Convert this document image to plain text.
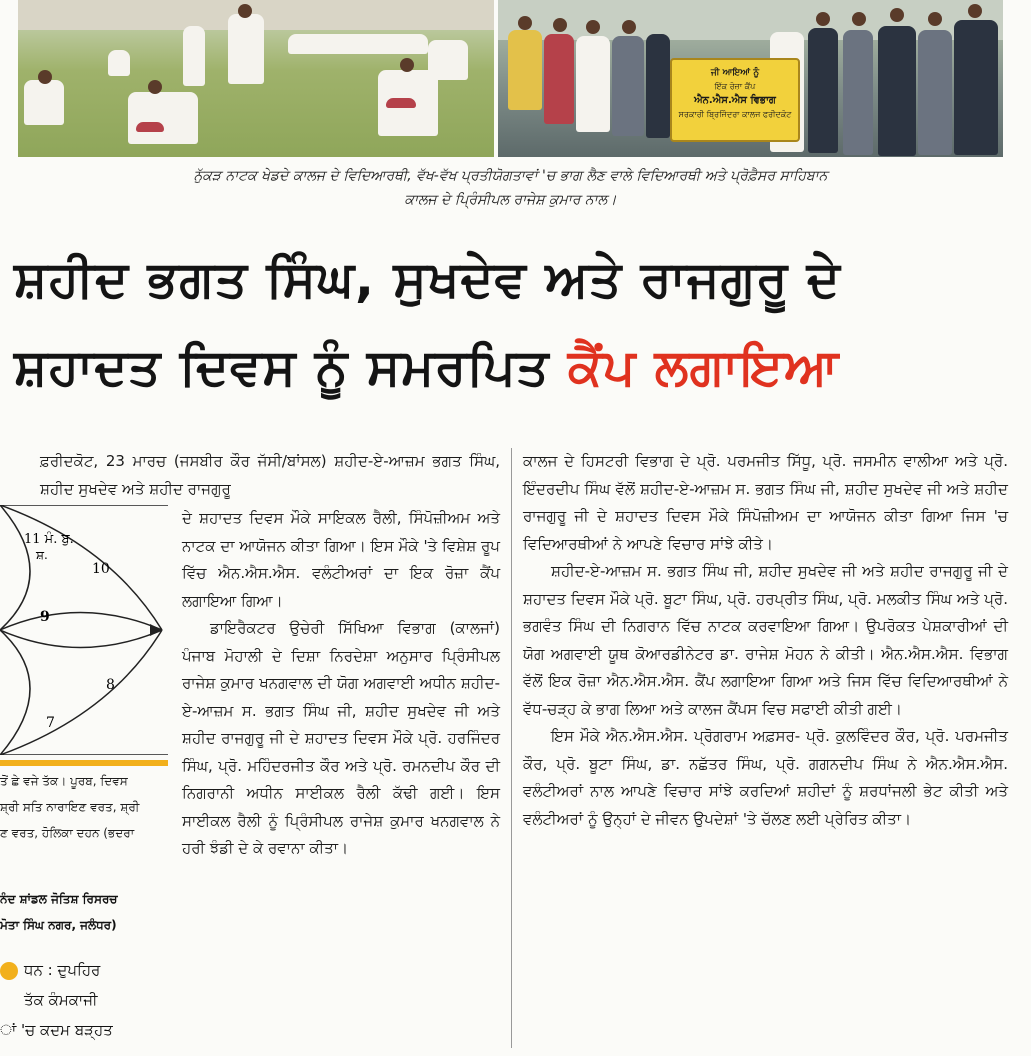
ਜੀ ਆਇਆਂ ਨੂੰ
ਇੱਕ ਰੋਜ਼ਾ ਕੈਂਪ
ਐਨ.ਐਸ.ਐਸ ਵਿਭਾਗ
ਸਰਕਾਰੀ ਬ੍ਰਿਜਿੰਦਰਾ ਕਾਲਜ ਫਰੀਦਕੋਟ
ਨੁੱਕੜ ਨਾਟਕ ਖੇਡਦੇ ਕਾਲਜ ਦੇ ਵਿਦਿਆਰਥੀ, ਵੱਖ-ਵੱਖ ਪ੍ਰਤੀਯੋਗਤਾਵਾਂ 'ਚ ਭਾਗ ਲੈਣ ਵਾਲੇ ਵਿਦਿਆਰਥੀ ਅਤੇ ਪ੍ਰੋਫ਼ੈਸਰ ਸਾਹਿਬਾਨ
ਕਾਲਜ ਦੇ ਪ੍ਰਿੰਸੀਪਲ ਰਾਜੇਸ਼ ਕੁਮਾਰ ਨਾਲ।
ਸ਼ਹੀਦ ਭਗਤ ਸਿੰਘ, ਸੁਖਦੇਵ ਅਤੇ ਰਾਜਗੁਰੂ ਦੇ
ਸ਼ਹਾਦਤ ਦਿਵਸ ਨੂੰ ਸਮਰਪਿਤ ਕੈਂਪ ਲਗਾਇਆ

ਫ਼ਰੀਦਕੋਟ, 23 ਮਾਰਚ (ਜਸਬੀਰ ਕੌਰ ਜੱਸੀ/ਬਾਂਸਲ) ਸ਼ਹੀਦ-ਏ-ਆਜ਼ਮ ਭਗਤ ਸਿੰਘ, ਸ਼ਹੀਦ ਸੁਖਦੇਵ ਅਤੇ ਸ਼ਹੀਦ ਰਾਜਗੁਰੂ

ਦੇ ਸ਼ਹਾਦਤ ਦਿਵਸ ਮੌਕੇ ਸਾਇਕਲ ਰੈਲੀ, ਸਿੰਪੋਜ਼ੀਅਮ ਅਤੇ ਨਾਟਕ ਦਾ ਆਯੋਜਨ ਕੀਤਾ ਗਿਆ। ਇਸ ਮੌਕੇ 'ਤੇ ਵਿਸ਼ੇਸ਼ ਰੂਪ ਵਿੱਚ ਐਨ.ਐਸ.ਐਸ. ਵਲੰਟੀਅਰਾਂ ਦਾ ਇਕ ਰੋਜ਼ਾ ਕੈਂਪ ਲਗਾਇਆ ਗਿਆ।

ਡਾਇਰੈਕਟਰ ਉਚੇਰੀ ਸਿੱਖਿਆ ਵਿਭਾਗ (ਕਾਲਜਾਂ) ਪੰਜਾਬ ਮੋਹਾਲੀ ਦੇ ਦਿਸ਼ਾ ਨਿਰਦੇਸ਼ਾ ਅਨੁਸਾਰ ਪ੍ਰਿੰਸੀਪਲ ਰਾਜੇਸ਼ ਕੁਮਾਰ ਖਨਗਵਾਲ ਦੀ ਯੋਗ ਅਗਵਾਈ ਅਧੀਨ ਸ਼ਹੀਦ-ਏ-ਆਜ਼ਮ ਸ. ਭਗਤ ਸਿੰਘ ਜੀ, ਸ਼ਹੀਦ ਸੁਖਦੇਵ ਜੀ ਅਤੇ ਸ਼ਹੀਦ ਰਾਜਗੁਰੂ ਜੀ ਦੇ ਸ਼ਹਾਦਤ ਦਿਵਸ ਮੌਕੇ ਪ੍ਰੋ. ਹਰਜਿੰਦਰ ਸਿੰਘ, ਪ੍ਰੋ. ਮਹਿੰਦਰਜੀਤ ਕੌਰ ਅਤੇ ਪ੍ਰੋ. ਰਮਨਦੀਪ ਕੌਰ ਦੀ ਨਿਗਰਾਨੀ ਅਧੀਨ ਸਾਈਕਲ ਰੈਲੀ ਕੱਢੀ ਗਈ। ਇਸ ਸਾਈਕਲ ਰੈਲੀ ਨੂੰ ਪ੍ਰਿੰਸੀਪਲ ਰਾਜੇਸ਼ ਕੁਮਾਰ ਖਨਗਵਾਲ ਨੇ ਹਰੀ ਝੰਡੀ ਦੇ ਕੇ ਰਵਾਨਾ ਕੀਤਾ।

ਕਾਲਜ ਦੇ ਹਿਸਟਰੀ ਵਿਭਾਗ ਦੇ ਪ੍ਰੋ. ਪਰਮਜੀਤ ਸਿੱਧੂ, ਪ੍ਰੋ. ਜਸਮੀਨ ਵਾਲੀਆ ਅਤੇ ਪ੍ਰੋ. ਇੰਦਰਦੀਪ ਸਿੰਘ ਵੱਲੋਂ ਸ਼ਹੀਦ-ਏ-ਆਜ਼ਮ ਸ. ਭਗਤ ਸਿੰਘ ਜੀ, ਸ਼ਹੀਦ ਸੁਖਦੇਵ ਜੀ ਅਤੇ ਸ਼ਹੀਦ ਰਾਜਗੁਰੂ ਜੀ ਦੇ ਸ਼ਹਾਦਤ ਦਿਵਸ ਮੌਕੇ ਸਿੰਪੋਜ਼ੀਅਮ ਦਾ ਆਯੋਜਨ ਕੀਤਾ ਗਿਆ ਜਿਸ 'ਚ ਵਿਦਿਆਰਥੀਆਂ ਨੇ ਆਪਣੇ ਵਿਚਾਰ ਸਾਂਝੇ ਕੀਤੇ।

ਸ਼ਹੀਦ-ਏ-ਆਜ਼ਮ ਸ. ਭਗਤ ਸਿੰਘ ਜੀ, ਸ਼ਹੀਦ ਸੁਖਦੇਵ ਜੀ ਅਤੇ ਸ਼ਹੀਦ ਰਾਜਗੁਰੂ ਜੀ ਦੇ ਸ਼ਹਾਦਤ ਦਿਵਸ ਮੌਕੇ ਪ੍ਰੋ. ਬੂਟਾ ਸਿੰਘ, ਪ੍ਰੋ. ਹਰਪ੍ਰੀਤ ਸਿੰਘ, ਪ੍ਰੋ. ਮਲਕੀਤ ਸਿੰਘ ਅਤੇ ਪ੍ਰੋ. ਭਗਵੰਤ ਸਿੰਘ ਦੀ ਨਿਗਰਾਨ ਵਿੱਚ ਨਾਟਕ ਕਰਵਾਇਆ ਗਿਆ। ਉਪਰੋਕਤ ਪੇਸ਼ਕਾਰੀਆਂ ਦੀ ਯੋਗ ਅਗਵਾਈ ਯੂਥ ਕੋਆਰਡੀਨੇਟਰ ਡਾ. ਰਾਜੇਸ਼ ਮੋਹਨ ਨੇ ਕੀਤੀ। ਐਨ.ਐਸ.ਐਸ. ਵਿਭਾਗ ਵੱਲੋਂ ਇਕ ਰੋਜ਼ਾ ਐਨ.ਐਸ.ਐਸ. ਕੈਂਪ ਲਗਾਇਆ ਗਿਆ ਅਤੇ ਜਿਸ ਵਿੱਚ ਵਿਦਿਆਰਥੀਆਂ ਨੇ ਵੱਧ-ਚੜ੍ਹ ਕੇ ਭਾਗ ਲਿਆ ਅਤੇ ਕਾਲਜ ਕੈਂਪਸ ਵਿਚ ਸਫਾਈ ਕੀਤੀ ਗਈ।

ਇਸ ਮੌਕੇ ਐਨ.ਐਸ.ਐਸ. ਪ੍ਰੋਗਰਾਮ ਅਫ਼ਸਰ- ਪ੍ਰੋ. ਕੁਲਵਿੰਦਰ ਕੌਰ, ਪ੍ਰੋ. ਪਰਮਜੀਤ ਕੌਰ, ਪ੍ਰੋ. ਬੂਟਾ ਸਿੰਘ, ਡਾ. ਨਛੱਤਰ ਸਿੰਘ, ਪ੍ਰੋ. ਗਗਨਦੀਪ ਸਿੰਘ ਨੇ ਐਨ.ਐਸ.ਐਸ. ਵਲੰਟੀਅਰਾਂ ਨਾਲ ਆਪਣੇ ਵਿਚਾਰ ਸਾਂਝੇ ਕਰਦਿਆਂ ਸ਼ਹੀਦਾਂ ਨੂੰ ਸ਼ਰਧਾਂਜਲੀ ਭੇਟ ਕੀਤੀ ਅਤੇ ਵਲੰਟੀਅਰਾਂ ਨੂੰ ਉਨ੍ਹਾਂ ਦੇ ਜੀਵਨ ਉਪਦੇਸ਼ਾਂ 'ਤੇ ਚੱਲਣ ਲਈ ਪ੍ਰੇਰਿਤ ਕੀਤਾ।

11 ਮੰ. ਬੁ.
ਸ਼.
10
9
8
7
ਤੋਂ ਛੇ ਵਜੇ ਤੱਕ। ਪੂਰਬ, ਦਿਵਸ
ਸ਼੍ਰੀ ਸਤਿ ਨਾਰਾਇਣ ਵਰਤ, ਸ਼੍ਰੀ
ਣ ਵਰਤ, ਹੋਲਿਕਾ ਦਹਨ (ਭਦਰਾ
ਨੰਦ ਸ਼ਾਂਡਲ ਜੋਤਿਸ਼ ਰਿਸਰਚ
ਮੋਤਾ ਸਿੰਘ ਨਗਰ, ਜਲੰਧਰ)
ਧਨ : ਦੁਪਹਿਰ
ਤੱਕ ਕੰਮਕਾਜੀ
ਾਂ 'ਚ ਕਦਮ ਬੜ੍ਹਤ
